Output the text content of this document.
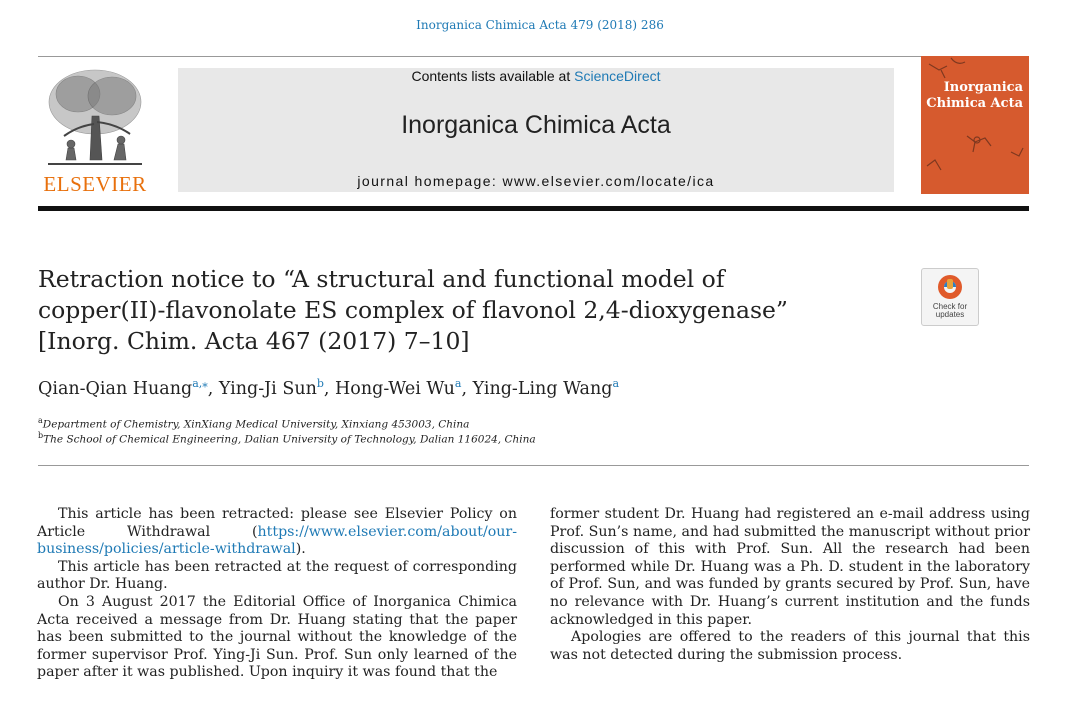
Inorganica Chimica Acta 479 (2018) 286
ELSEVIER
Contents lists available at ScienceDirect
Inorganica Chimica Acta
journal homepage: www.elsevier.com/locate/ica
Inorganica
Chimica Acta
Retraction notice to “A structural and functional model of
copper(II)-flavonolate ES complex of flavonol 2,4-dioxygenase”
[Inorg. Chim. Acta 467 (2017) 7–10]
Check for
updates
Qian-Qian Huang$^{a,⁎}$, Ying-Ji Sun$^b$, Hong-Wei Wu$^a$, Ying-Ling Wang$^a$
$^a$Department of Chemistry, XinXiang Medical University, Xinxiang 453003, China
$^b$The School of Chemical Engineering, Dalian University of Technology, Dalian 116024, China

This article has been retracted: please see Elsevier Policy on Article Withdrawal (https://www.elsevier.com/about/our-business/policies/article-withdrawal).

This article has been retracted at the request of corresponding author Dr. Huang.

On 3 August 2017 the Editorial Office of Inorganica Chimica Acta received a message from Dr. Huang stating that the paper has been submitted to the journal without the knowledge of the former supervisor Prof. Ying-Ji Sun. Prof. Sun only learned of the paper after it was published. Upon inquiry it was found that the

former student Dr. Huang had registered an e-mail address using Prof. Sun’s name, and had submitted the manuscript without prior discussion of this with Prof. Sun. All the research had been performed while Dr. Huang was a Ph. D. student in the laboratory of Prof. Sun, and was funded by grants secured by Prof. Sun, have no relevance with Dr. Huang’s current institution and the funds acknowledged in this paper.

Apologies are offered to the readers of this journal that this was not detected during the submission process.
